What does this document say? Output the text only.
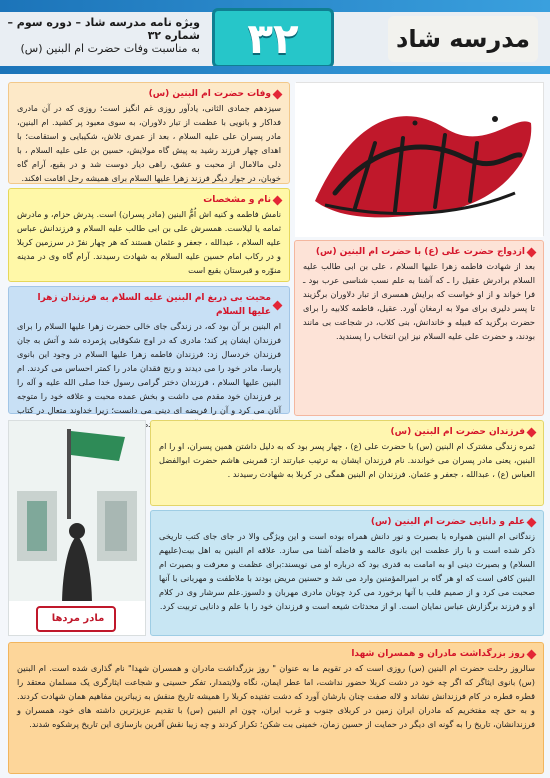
مدرسه شاد
۳۲
ویژه نامه مدرسه شاد – دوره سوم – شماره ۳۲
به مناسبت وفات حضرت ام البنین (س)
وفات حضرت ام البنین (س)
سیزدهم جمادی الثانی، یادآور روزی غم انگیز است؛ روزی که در آن مادری فداکار و بانویی با عظمت از تبار دلاوران، به سوی معبود پر کشید. ام البنین، مادر پسران علی علیه السلام ، بعد از عمری تلاش، شکیبایی و استقامت؛ با اهدای چهار فرزند رشید به پیش گاه مولایش، حسین بن علی علیه السلام ، با دلی مالامال از محبت و عشق، راهی دیار دوست شد و در بقیع، آرام گاه خوبان، در جوار دیگر فرزند زهرا علیها السلام برای همیشه رحل اقامت افکند.
نام و مشخصات
نامش فاطمه و کنیه اش اُمُّ البنین (مادر پسران) است. پدرش حزام، و مادرش ثمامه یا لیلاست. همسرش علی بن ابی طالب علیه السلام و فرزندانش عباس علیه السلام ، عبدالله ، جعفر و عثمان هستند که هر چهار نفرْ در سرزمین کربلا و در رکاب امام حسین علیه السلام به شهادت رسیدند. آرام گاه وی در مدینه منوّره و قبرستان بقیع است
محبت بی دریغ ام البنین علیه السلام به فرزندان زهرا علیها السلام
ام البنین بر آن بود که، در زندگی جای خالی حضرت زهرا علیها السلام را برای فرزندان ایشان پر کند؛ مادری که در اوج شکوفایی پژمرده شد و آتش به جان فرزندان خردسال زد: فرزندان فاطمه زهرا علیها السلام در وجود این بانوی پارسا، مادر خود را می دیدند و رنج فقدان مادر را کمتر احساس می کردند. ام البنین علیها السلام ، فرزندان دختر گرامی رسول خدا صلی الله علیه و آله را بر فرزندان خود مقدم می داشت و بخش عمده محبت و علاقه خود را متوجه آنان می کرد و آن را فریضه ای دینی می دانست؛ زیرا خداوند متعال در کتاب
ازدواج حضرت علی (ع) با حضرت ام البنین (س)
بعد از شهادت فاطمه زهرا علیها السلام ، علی بن ابی طالب علیه السلام برادرش عقیل را ـ که آشنا به علم نسب شناسی عرب بود ـ فرا خواند و از او خواست که برایش همسری از تبار دلاوران برگزیند تا پسر دلیری برای مولا به ارمغان آورد. عقیل، فاطمه کلابیه را برای حضرت برگزید که قبیله و خاندانش، بنی کلاب، در شجاعت بی مانند بودند، و حضرت علی علیه السلام نیز این انتخاب را پسندید.
مادر مردها
فرزندان حضرت ام البنین (س)
ثمره زندگی مشترک ام البنین (س) با حضرت علی (ع) ، چهار پسر بود که به دلیل داشتن همین پسران، او را ام البنین، یعنی مادر پسران می خواندند. نام فرزندان ایشان به ترتیب عبارتند از: قمربنی هاشم حضرت ابوالفضل العباس (ع) ، عبدالله ، جعفر و عثمان. فرزندان ام البنین همگی در کربلا به شهادت رسیدند .
علم و دانایی حضرت ام البنین (س)
زندگانی ام البنین همواره با بصیرت و نور دانش همراه بوده است و این ویژگی والا در جای جای کتب تاریخی ذکر شده است و با راز عظمت این بانوی عالمه و فاضله آشنا می سازد. علاقه ام البنین به اهل بیت(علیهم السلام) و بصیرت دینی او به امامت به قدری بود که درباره او می نویسند:برای عظمت و معرفت و بصیرت ام البنین کافی است که او هر گاه بر امیرالمؤمنین وارد می شد و حسنین مریض بودند با ملاطفت و مهربانی با آنها صحبت می کرد و از صمیم قلب با آنها برخورد می کرد چونان مادری مهربان و دلسوز.علم سرشار وی در کلام او و فرزند برگزارش عباس نمایان است. او از محدثات شیعه است و فرزندان خود را با علم و دانایی تربیت کرد.
روز بزرگداشت مادران و همسران شهدا
سالروز رحلت حضرت ام البنین (س) روزی است که در تقویم ما به عنوان " روز بزرگداشت مادران و همسران شهدا" نام گذاری شده است. ام البنین (س) بانوی ایثاگر که اگر چه خود در دشت کربلا حضور نداشت، اما عطر ایمان، نگاه ولایتمدار، تفکر حسینی و شجاعت ایثارگری یک مسلمان معتقد را قطره قطره در کام فرزندانش نشاند و لاله صفت چنان بارشان آورد که دشت تفتیده کربلا را همیشه تاریخ منقش به زیباترین مفاهیم همان شهادت کردند. و به حق چه مفتخریم که مادران ایران زمین در کربلای جنوب و غرب ایران، چون ام البنین (س) با تقدیم عزیزترین داشته های خود، همسران و فرزندانشان، تاریخ را به گونه ای دیگر در حمایت از حسین زمان، خمینی بت شکن؛ تکرار کردند و چه زیبا نقش آفرین بازسازی این تاریخ پرشکوه شدند.
